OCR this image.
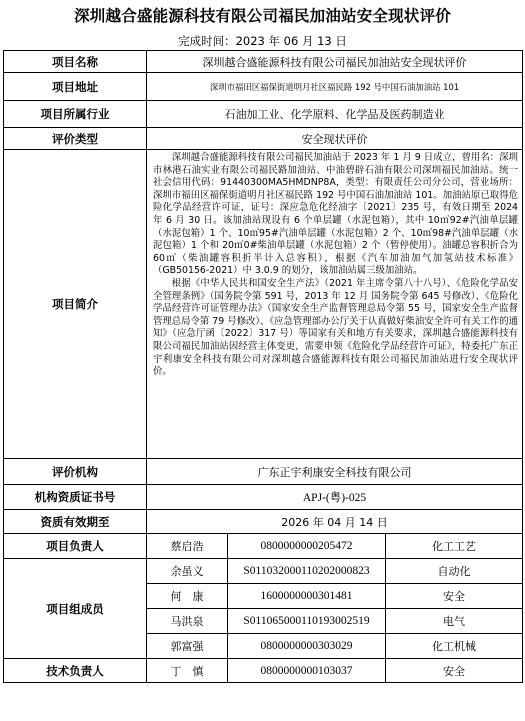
深圳越合盛能源科技有限公司福民加油站安全现状评价
完成时间：2023 年 06 月 13 日
项目名称	深圳越合盛能源科技有限公司福民加油站安全现状评价		
项目地址	深圳市福田区福保街道明月社区福民路 192 号中国石油加油站 101		
项目所属行业	石油加工业、化学原料、化学品及医药制造业		
评价类型	安全现状评价		
项目简介	深圳越合盛能源科技有限公司福民加油站于 2023 年 1 月 9 日成立，曾用名：深圳市林港石油实业有限公司福民路加油站、中油碧辟石油有限公司深圳福民加油站。统一社会信用代码：91440300MA5HMDNP8A，类型：有限责任公司分公司，营业场所：深圳市福田区福保街道明月社区福民路 192 号中国石油加油站 101。加油站原已取得危险化学品经营许可证，证号：深应急危化经油字〔2021〕235 号，有效日期至 2024 年 6 月 30 日。该加油站现设有 6 个单层罐（水泥包箱），其中 10㎥92#汽油单层罐（水泥包箱）1 个、10㎥95#汽油单层罐（水泥包箱）2 个、10㎥98#汽油单层罐（水泥包箱）1 个和 20㎥0#柴油单层罐（水泥包箱）2 个（暂停使用）。油罐总容积折合为 60㎥（柴油罐容积折半计入总容积），根据《汽车加油加气加氢站技术标准》（GB50156-2021）中 3.0.9 的划分，该加油站属三级加油站。

根据《中华人民共和国安全生产法》（2021 年主席令第八十八号）、《危险化学品安全管理条例》（国务院令第 591 号，2013 年 12 月 国务院令第 645 号修改）、《危险化学品经营许可证管理办法》（国家安全生产监督管理总局令第 55 号，国家安全生产监督管理总局令第 79 号修改）、《应急管理部办公厅关于认真做好柴油安全许可有关工作的通知》（应急厅函〔2022〕317 号）等国家有关和地方有关要求，深圳越合盛能源科技有限公司福民加油站因经营主体变更，需要申领《危险化学品经营许可证》，特委托广东正宇利康安全科技有限公司对深圳越合盛能源科技有限公司福民加油站进行安全现状评价。		

评价机构	广东正宇利康安全科技有限公司		
机构资质证书号	APJ-(粤)-025		
资质有效期至	2026 年 04 月 14 日		
项目负责人	蔡启浩	0800000000205472	化工工艺
项目组成员	余虽义	S011032000110202000823	自动化
	何　康	1600000000301481	安全
	马洪泉	S011065000110193002519	电气
	郭富强	0800000000303029	化工机械
技术负责人	丁　慎	0800000000103037	安全
